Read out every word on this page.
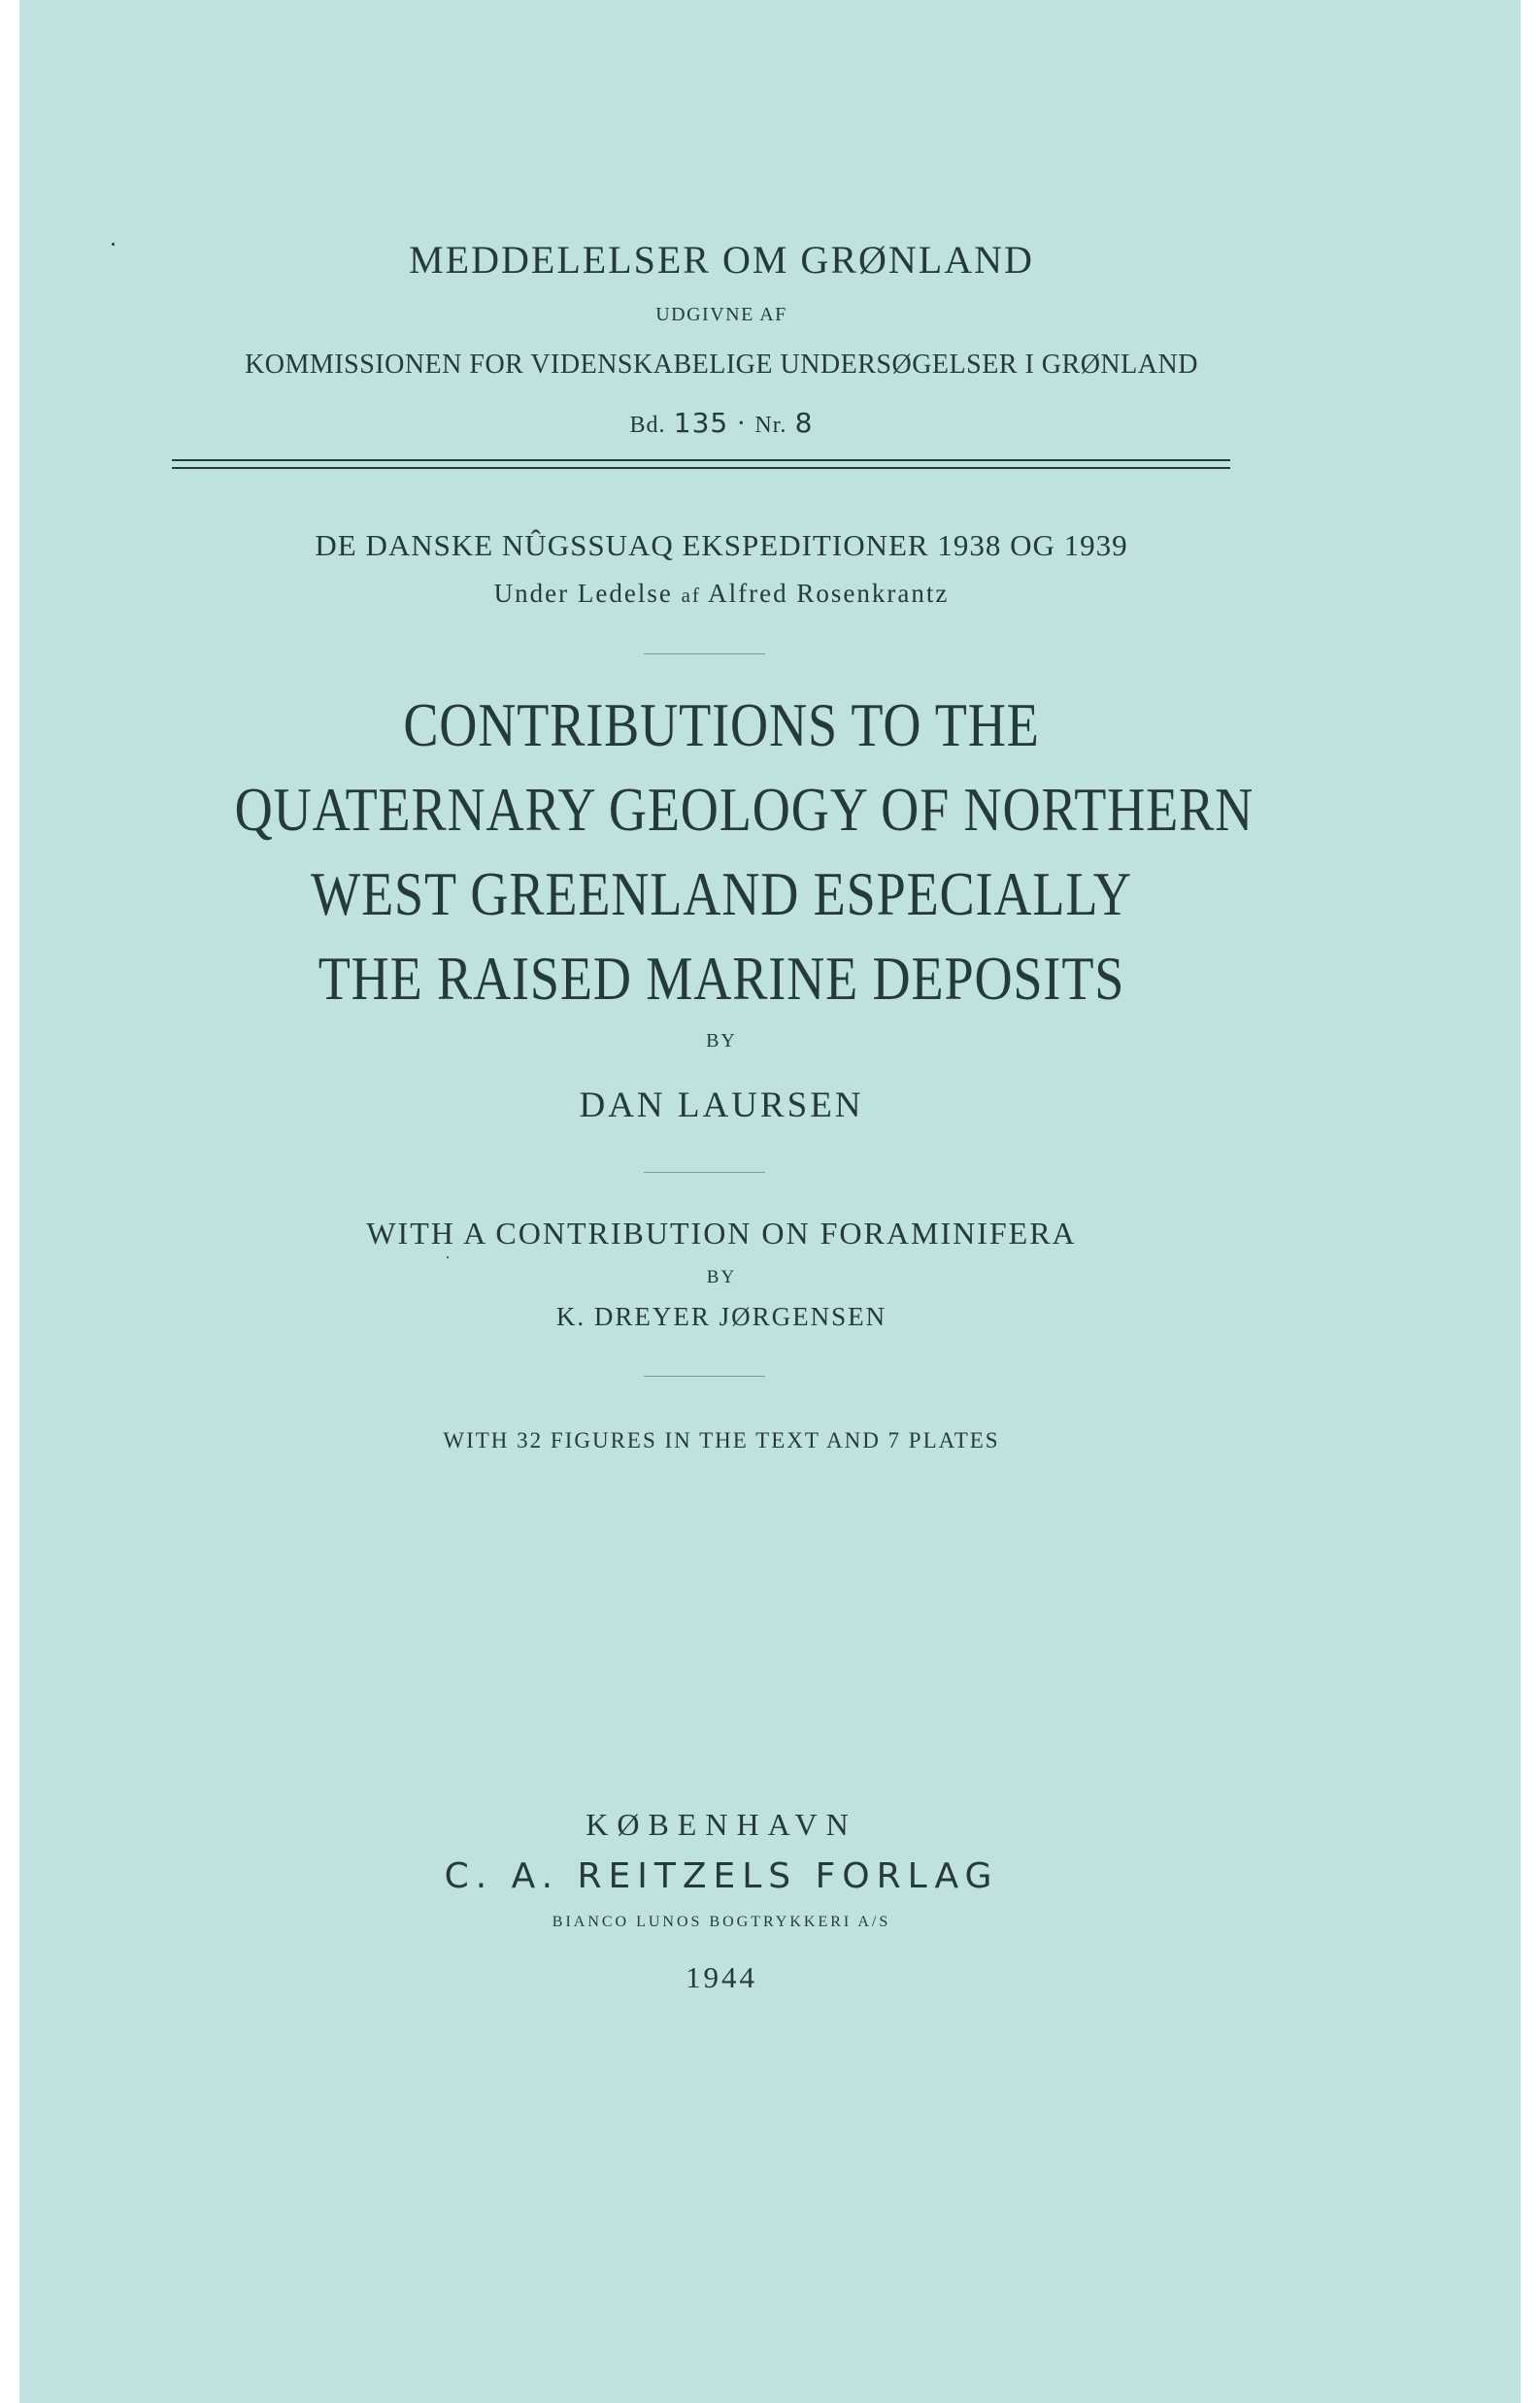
MEDDELELSER OM GRØNLAND
UDGIVNE AF
KOMMISSIONEN FOR VIDENSKABELIGE UNDERSØGELSER I GRØNLAND
Bd. 135 · Nr. 8
DE DANSKE NÛGSSUAQ EKSPEDITIONER 1938 OG 1939
Under Ledelse af Alfred Rosenkrantz
CONTRIBUTIONS TO THE
QUATERNARY GEOLOGY OF NORTHERN
WEST GREENLAND ESPECIALLY
THE RAISED MARINE DEPOSITS
BY
DAN LAURSEN
WITH A CONTRIBUTION ON FORAMINIFERA
BY
K. DREYER JØRGENSEN
WITH 32 FIGURES IN THE TEXT AND 7 PLATES
KØBENHAVN
C. A. REITZELS FORLAG
BIANCO LUNOS BOGTRYKKERI A/S
1944
